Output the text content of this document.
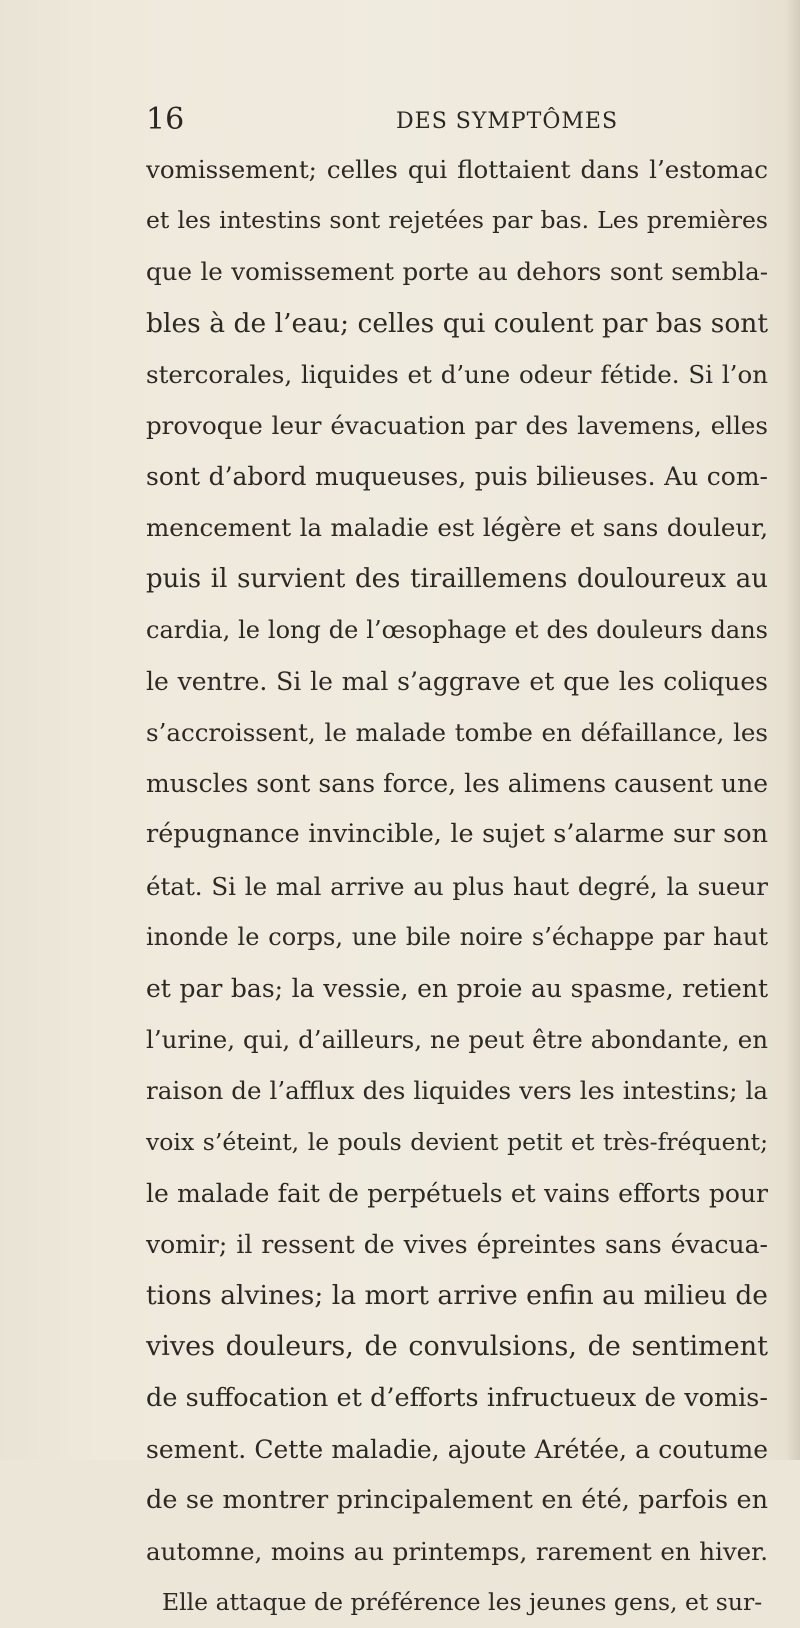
16	DES SYMPTÔMES
vomissement; celles qui flottaient dans l’estomac
et les intestins sont rejetées par bas. Les premières
que le vomissement porte au dehors sont sembla-
bles à de l’eau; celles qui coulent par bas sont
stercorales, liquides et d’une odeur fétide. Si l’on
provoque leur évacuation par des lavemens, elles
sont d’abord muqueuses, puis bilieuses. Au com-
mencement la maladie est légère et sans douleur,
puis il survient des tiraillemens douloureux au
cardia, le long de l’œsophage et des douleurs dans
le ventre. Si le mal s’aggrave et que les coliques
s’accroissent, le malade tombe en défaillance, les
muscles sont sans force, les alimens causent une
répugnance invincible, le sujet s’alarme sur son
état. Si le mal arrive au plus haut degré, la sueur
inonde le corps, une bile noire s’échappe par haut
et par bas; la vessie, en proie au spasme, retient
l’urine, qui, d’ailleurs, ne peut être abondante, en
raison de l’afflux des liquides vers les intestins; la
voix s’éteint, le pouls devient petit et très-fréquent;
le malade fait de perpétuels et vains efforts pour
vomir; il ressent de vives épreintes sans évacua-
tions alvines; la mort arrive enfin au milieu de
vives douleurs, de convulsions, de sentiment
de suffocation et d’efforts infructueux de vomis-
sement. Cette maladie, ajoute Arétée, a coutume
de se montrer principalement en été, parfois en
automne, moins au printemps, rarement en hiver.
Elle attaque de préférence les jeunes gens, et sur-
